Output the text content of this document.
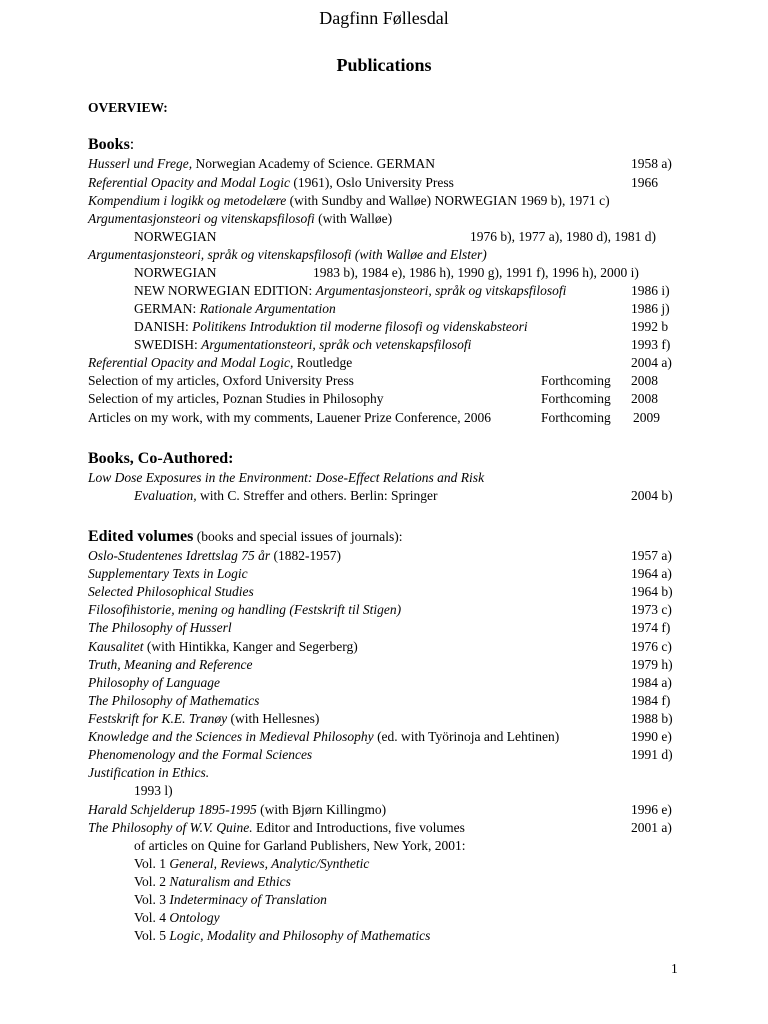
Dagfinn Føllesdal
Publications
OVERVIEW:
Books:
Husserl und Frege, Norwegian Academy of Science. GERMAN	1958 a)
Referential Opacity and Modal Logic (1961), Oslo University Press	1966
Kompendium i logikk og metodelære (with Sundby and Walløe) NORWEGIAN 1969 b), 1971 c)
Argumentasjonsteori og vitenskapsfilosofi (with Walløe)
NORWEGIAN	1976 b), 1977 a), 1980 d), 1981 d)
Argumentasjonsteori, språk og vitenskapsfilosofi (with Walløe and Elster)
NORWEGIAN	1983 b), 1984 e), 1986 h), 1990 g), 1991 f), 1996 h), 2000 i)
NEW NORWEGIAN EDITION: Argumentasjonsteori, språk og vitskapsfilosofi	1986 i)
GERMAN: Rationale Argumentation	1986 j)
DANISH: Politikens Introduktion til moderne filosofi og videnskabsteori	1992 b
SWEDISH: Argumentationsteori, språk och vetenskapsfilosofi	1993 f)
Referential Opacity and Modal Logic, Routledge	2004 a)
Selection of my articles, Oxford University Press	Forthcoming 2008
Selection of my articles, Poznan Studies in Philosophy	Forthcoming 2008
Articles on my work, with my comments, Lauener Prize Conference, 2006	Forthcoming 2009
Books, Co-Authored:
Low Dose Exposures in the Environment: Dose-Effect Relations and Risk
Evaluation, with C. Streffer and others. Berlin: Springer	2004 b)
Edited volumes (books and special issues of journals):
Oslo-Studentenes Idrettslag 75 år (1882-1957)	1957 a)
Supplementary Texts in Logic	1964 a)
Selected Philosophical Studies	1964 b)
Filosofihistorie, mening og handling (Festskrift til Stigen)	1973 c)
The Philosophy of Husserl	1974 f)
Kausalitet (with Hintikka, Kanger and Segerberg)	1976 c)
Truth, Meaning and Reference	1979 h)
Philosophy of Language	1984 a)
The Philosophy of Mathematics	1984 f)
Festskrift for K.E. Tranøy (with Hellesnes)	1988 b)
Knowledge and the Sciences in Medieval Philosophy (ed. with Työrinoja and Lehtinen)	1990 e)
Phenomenology and the Formal Sciences	1991 d)
Justification in Ethics.
1993 l)
Harald Schjelderup 1895-1995 (with Bjørn Killingmo)	1996 e)
The Philosophy of W.V. Quine. Editor and Introductions, five volumes	2001 a)
of articles on Quine for Garland Publishers, New York, 2001:
Vol. 1 General, Reviews, Analytic/Synthetic
Vol. 2 Naturalism and Ethics
Vol. 3 Indeterminacy of Translation
Vol. 4 Ontology
Vol. 5 Logic, Modality and Philosophy of Mathematics
1
